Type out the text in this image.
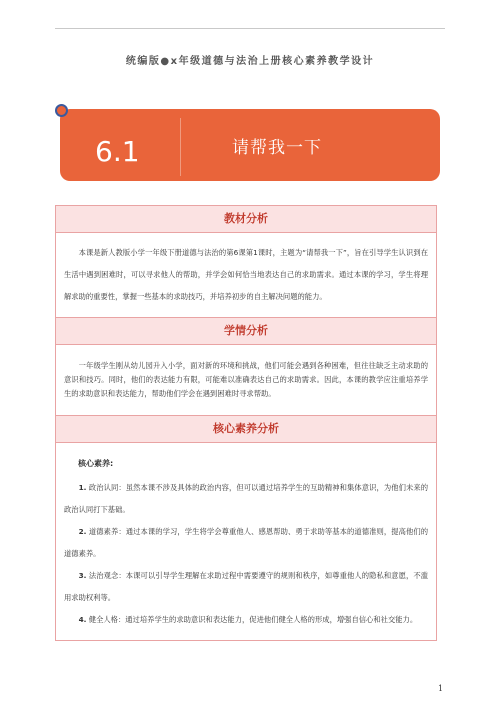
统编版●x年级道德与法治上册核心素养教学设计
6.1	请帮我一下
教材分析

本课是新人教版小学一年级下册道德与法治的第6课第1课时，主题为“请帮我一下”，旨在引导学生认识到在生活中遇到困难时，可以寻求他人的帮助，并学会如何恰当地表达自己的求助需求。通过本课的学习，学生将理解求助的重要性，掌握一些基本的求助技巧，并培养初步的自主解决问题的能力。

学情分析

一年级学生刚从幼儿园升入小学，面对新的环境和挑战，他们可能会遇到各种困难，但往往缺乏主动求助的意识和技巧。同时，他们的表达能力有限，可能难以准确表达自己的求助需求。因此，本课的教学应注重培养学生的求助意识和表达能力，帮助他们学会在遇到困难时寻求帮助。

核心素养分析
核心素养:

1. 政治认同：虽然本课不涉及具体的政治内容，但可以通过培养学生的互助精神和集体意识，为他们未来的政治认同打下基础。

2. 道德素养：通过本课的学习，学生将学会尊重他人、感恩帮助、勇于求助等基本的道德准则，提高他们的道德素养。

3. 法治观念：本课可以引导学生理解在求助过程中需要遵守的规则和秩序，如尊重他人的隐私和意愿，不滥用求助权利等。

4. 健全人格：通过培养学生的求助意识和表达能力，促进他们健全人格的形成，增强自信心和社交能力。

1
